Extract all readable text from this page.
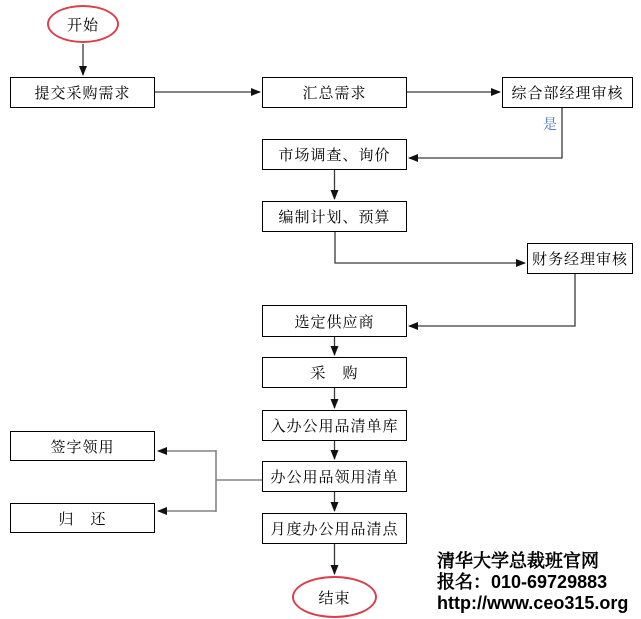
开始
结束
提交采购需求	汇总需求	综合部经理审核
市场调查、询价
编制计划、预算
财务经理审核
选定供应商
采　购
入办公用品清单库
办公用品领用清单
签字领用
归　还
月度办公用品清点
是
清华大学总裁班官网
报名：010-69729883
http://www.ceo315.org
